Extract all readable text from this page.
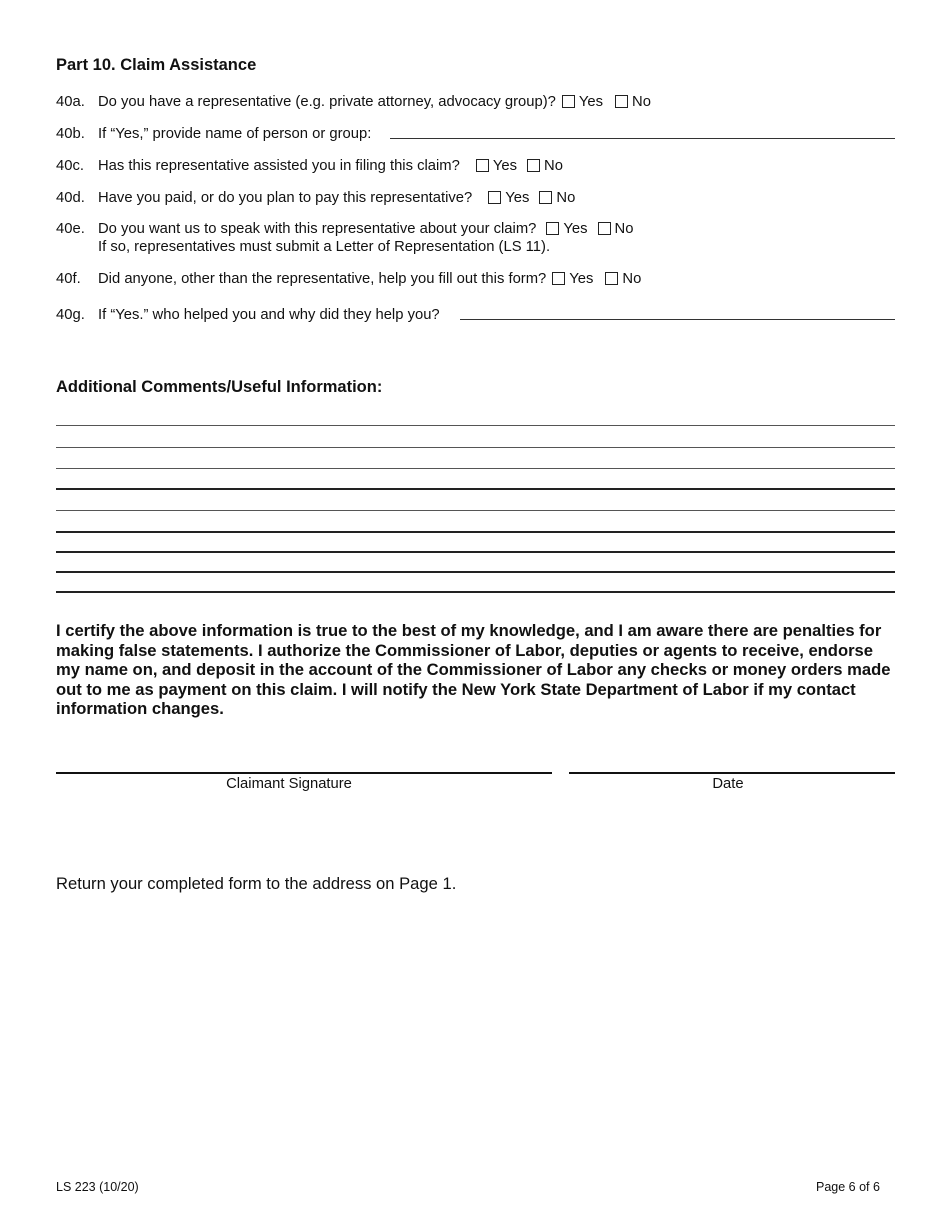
Part 10. Claim Assistance
40a. Do you have a representative (e.g. private attorney, advocacy group)? Yes No
40b. If “Yes,” provide name of person or group:
40c. Has this representative assisted you in filing this claim? Yes No
40d. Have you paid, or do you plan to pay this representative? Yes No
40e. Do you want us to speak with this representative about your claim? Yes No
If so, representatives must submit a Letter of Representation (LS 11).
40f. Did anyone, other than the representative, help you fill out this form? Yes No
40g. If “Yes.” who helped you and why did they help you?
Additional Comments/Useful Information:
I certify the above information is true to the best of my knowledge, and I am aware there are penalties for making false statements. I authorize the Commissioner of Labor, deputies or agents to receive, endorse my name on, and deposit in the account of the Commissioner of Labor any checks or money orders made out to me as payment on this claim. I will notify the New York State Department of Labor if my contact information changes.
Claimant Signature	Date
Return your completed form to the address on Page 1.
LS 223 (10/20)	Page 6 of 6
